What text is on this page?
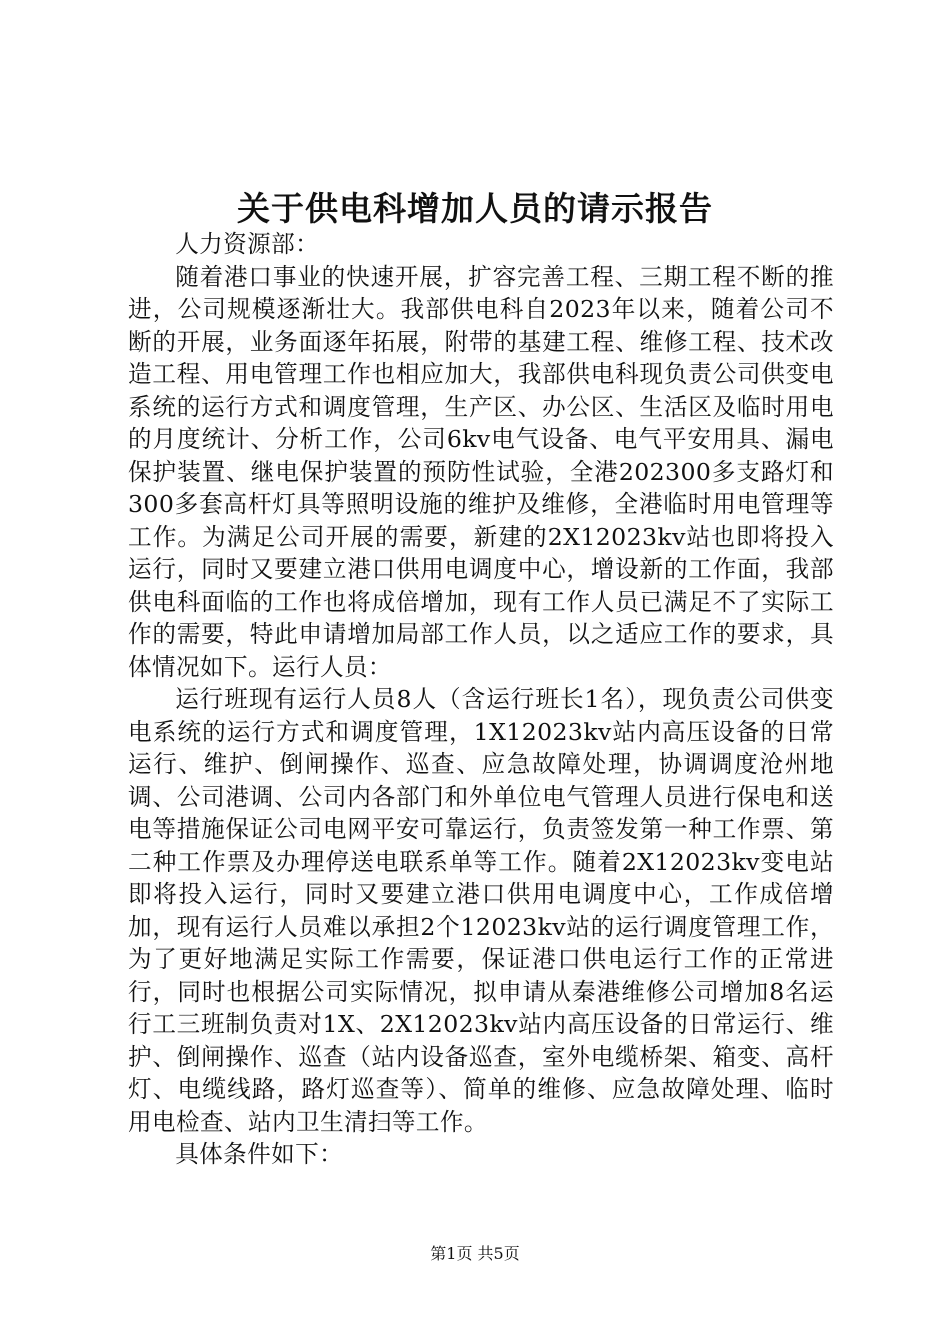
关于供电科增加人员的请示报告

人力资源部：

随着港口事业的快速开展，扩容完善工程、三期工程不断的推进，公司规模逐渐壮大。我部供电科自2023年以来，随着公司不断的开展，业务面逐年拓展，附带的基建工程、维修工程、技术改造工程、用电管理工作也相应加大，我部供电科现负责公司供变电系统的运行方式和调度管理，生产区、办公区、生活区及临时用电的月度统计、分析工作，公司6kv电气设备、电气平安用具、漏电保护装置、继电保护装置的预防性试验，全港202300多支路灯和300多套高杆灯具等照明设施的维护及维修，全港临时用电管理等工作。为满足公司开展的需要，新建的2X12023kv站也即将投入运行，同时又要建立港口供用电调度中心，增设新的工作面，我部供电科面临的工作也将成倍增加，现有工作人员已满足不了实际工作的需要，特此申请增加局部工作人员，以之适应工作的要求，具体情况如下。运行人员：

运行班现有运行人员8人（含运行班长1名），现负责公司供变电系统的运行方式和调度管理，1X12023kv站内高压设备的日常运行、维护、倒闸操作、巡查、应急故障处理，协调调度沧州地调、公司港调、公司内各部门和外单位电气管理人员进行保电和送电等措施保证公司电网平安可靠运行，负责签发第一种工作票、第二种工作票及办理停送电联系单等工作。随着2X12023kv变电站即将投入运行，同时又要建立港口供用电调度中心，工作成倍增加，现有运行人员难以承担2个12023kv站的运行调度管理工作，为了更好地满足实际工作需要，保证港口供电运行工作的正常进行，同时也根据公司实际情况，拟申请从秦港维修公司增加8名运行工三班制负责对1X、2X12023kv站内高压设备的日常运行、维护、倒闸操作、巡查（站内设备巡查，室外电缆桥架、箱变、高杆灯、电缆线路，路灯巡查等）、简单的维修、应急故障处理、临时用电检查、站内卫生清扫等工作。

具体条件如下：

第1页 共5页
